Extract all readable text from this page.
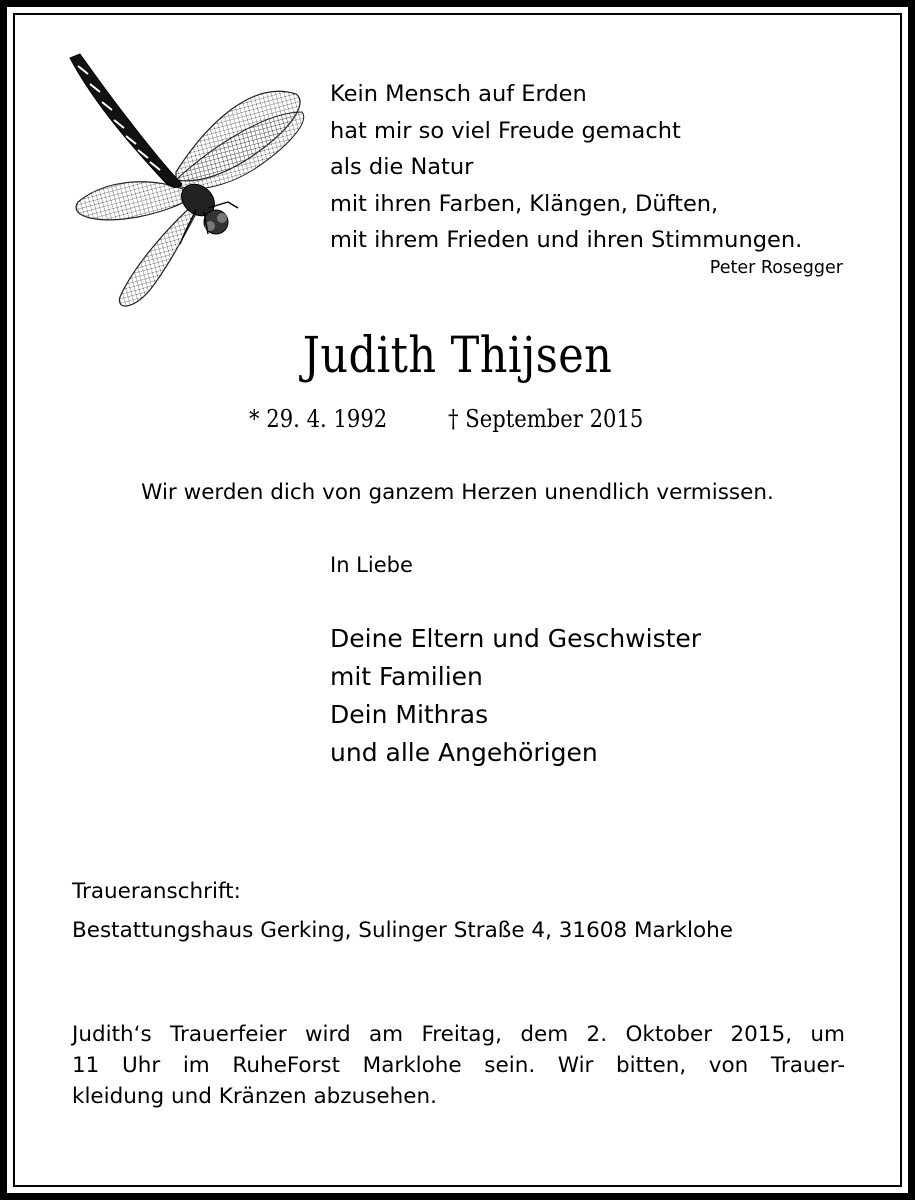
Kein Mensch auf Erden
hat mir so viel Freude gemacht
als die Natur
mit ihren Farben, Klängen, Düften,
mit ihrem Frieden und ihren Stimmungen.
Peter Rosegger
Judith Thijsen
* 29. 4. 1992	† September 2015
Wir werden dich von ganzem Herzen unendlich vermissen.
In Liebe
Deine Eltern und Geschwister
mit Familien
Dein Mithras
und alle Angehörigen
Traueranschrift:
Bestattungshaus Gerking, Sulinger Straße 4, 31608 Marklohe
Judith‘s Trauerfeier wird am Freitag, dem 2. Oktober 2015, um
11 Uhr im RuheForst Marklohe sein. Wir bitten, von Trauer-
kleidung und Kränzen abzusehen.
